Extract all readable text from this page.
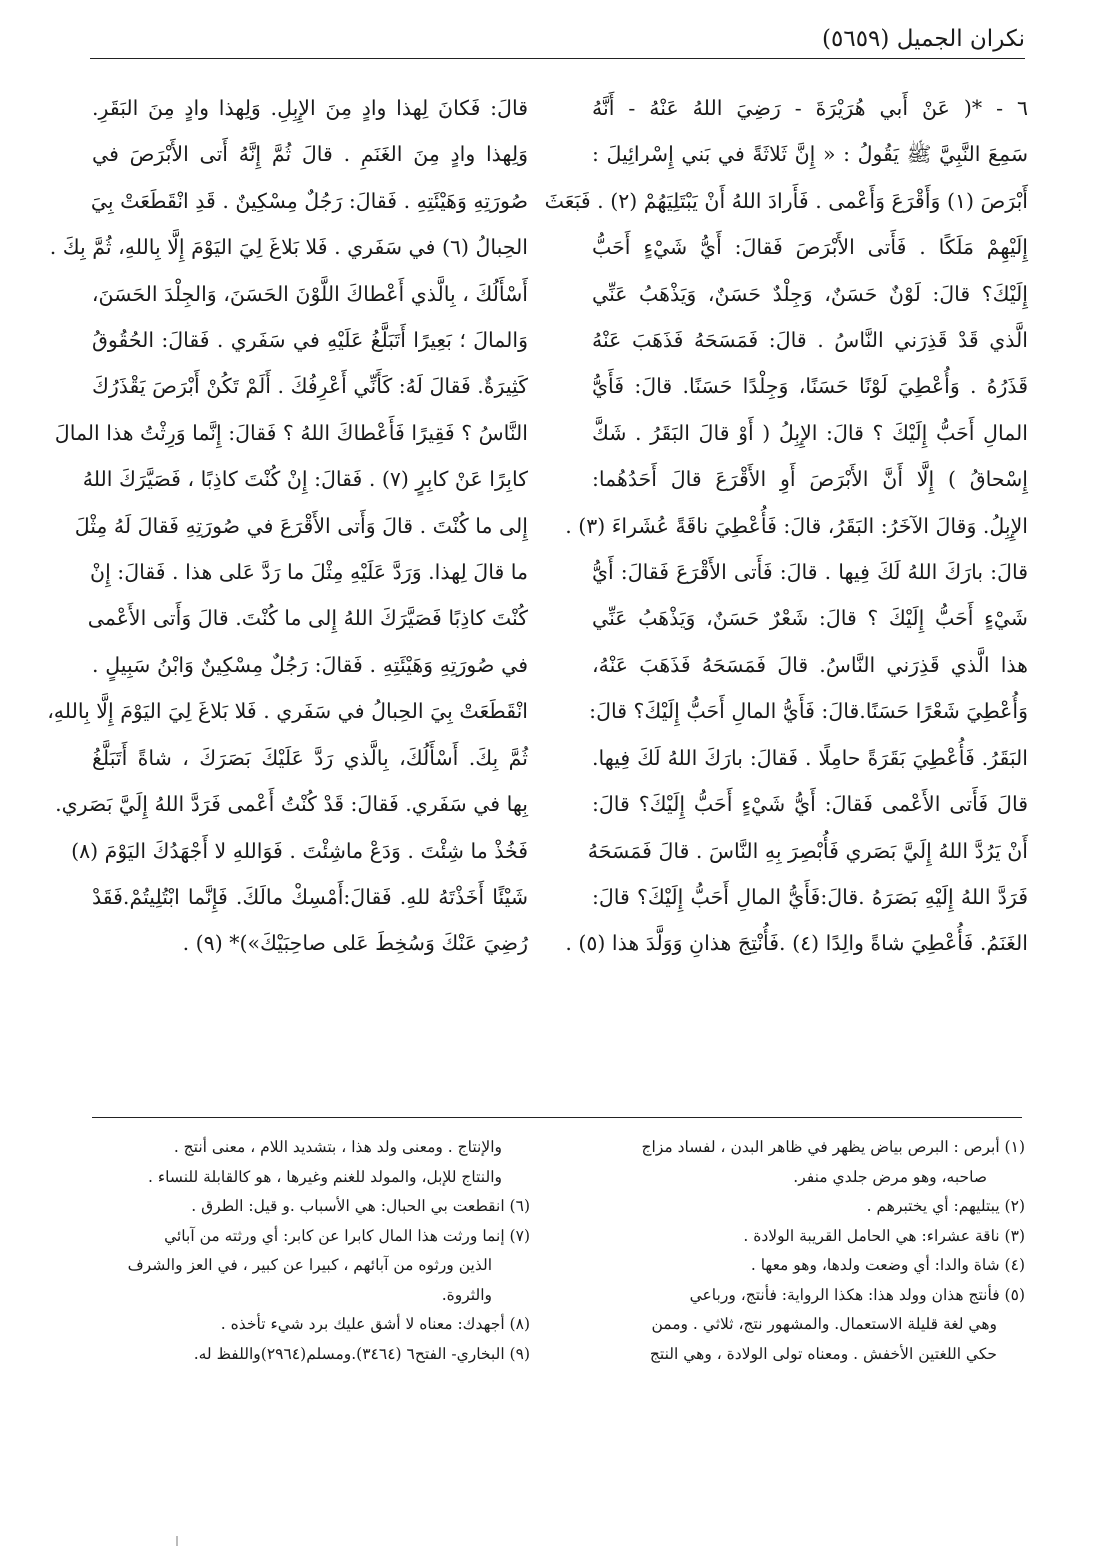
نكران الجميل (٥٦٥٩)
٦ - *( عَنْ أَبي هُرَيْرَةَ - رَضِيَ اللهُ عَنْهُ - أَنَّهُ
سَمِعَ النَّبِيَّ ﷺ يَقُولُ : « إِنَّ ثَلاثَةً في بَني إِسْرائِيلَ :
أَبْرَصَ (١) وَأَقْرَعَ وَأَعْمى . فَأَرادَ اللهُ أَنْ يَبْتَلِيَهُمْ (٢) . فَبَعَثَ
إِلَيْهِمْ مَلَكًا . فَأَتى الأَبْرَصَ فَقالَ: أَيُّ شَيْءٍ أَحَبُّ
إِلَيْكَ؟ قالَ: لَوْنٌ حَسَنٌ، وَجِلْدٌ حَسَنٌ، وَيَذْهَبُ عَنِّي
الَّذي قَدْ قَذِرَني النَّاسُ . قالَ: فَمَسَحَهُ فَذَهَبَ عَنْهُ
قَذَرُهُ . وَأُعْطِيَ لَوْنًا حَسَنًا، وَجِلْدًا حَسَنًا. قالَ: فَأَيُّ
المالِ أَحَبُّ إِلَيْكَ ؟ قالَ: الإِبِلُ ( أَوْ قالَ البَقَرُ . شَكَّ
إِسْحاقُ ) إِلَّا أَنَّ الأَبْرَصَ أَوِ الأَقْرَعَ قالَ أَحَدُهُما:
الإِبِلُ. وَقالَ الآخَرُ: البَقَرُ، قالَ: فَأُعْطِيَ ناقَةً عُشَراءَ (٣) .
قالَ: بارَكَ اللهُ لَكَ فِيها . قالَ: فَأَتى الأَقْرَعَ فَقالَ: أَيُّ
شَيْءٍ أَحَبُّ إِلَيْكَ ؟ قالَ: شَعْرٌ حَسَنٌ، وَيَذْهَبُ عَنِّي
هذا الَّذي قَذِرَني النَّاسُ. قالَ فَمَسَحَهُ فَذَهَبَ عَنْهُ،
وَأُعْطِيَ شَعْرًا حَسَنًا.قالَ: فَأَيُّ المالِ أَحَبُّ إِلَيْكَ؟ قالَ:
البَقَرُ. فَأُعْطِيَ بَقَرَةً حامِلًا . فَقالَ: بارَكَ اللهُ لَكَ فِيها.
قالَ فَأَتى الأَعْمى فَقالَ: أَيُّ شَيْءٍ أَحَبُّ إِلَيْكَ؟ قالَ:
أَنْ يَرُدَّ اللهُ إِلَيَّ بَصَري فَأُبْصِرَ بِهِ النَّاسَ . قالَ فَمَسَحَهُ
فَرَدَّ اللهُ إِلَيْهِ بَصَرَهُ .قالَ:فَأَيُّ المالِ أَحَبُّ إِلَيْكَ؟ قالَ:
الغَنَمُ. فَأُعْطِيَ شاةً والِدًا (٤) .فَأُنْتِجَ هذانِ وَوَلَّدَ هذا (٥) .
قالَ: فَكانَ لِهذا وادٍ مِنَ الإِبِلِ. وَلِهذا وادٍ مِنَ البَقَرِ.
وَلِهذا وادٍ مِنَ الغَنَمِ . قالَ ثُمَّ إِنَّهُ أَتى الأَبْرَصَ في
صُورَتِهِ وَهَيْئَتِهِ . فَقالَ: رَجُلٌ مِسْكِينٌ . قَدِ انْقَطَعَتْ بِيَ
الحِبالُ (٦) في سَفَري . فَلا بَلاغَ لِيَ اليَوْمَ إِلَّا بِاللهِ، ثُمَّ بِكَ .
أَسْأَلُكَ ، بِالَّذي أَعْطاكَ اللَّوْنَ الحَسَنَ، وَالجِلْدَ الحَسَنَ،
وَالمالَ ؛ بَعِيرًا أَتَبَلَّغُ عَلَيْهِ في سَفَري . فَقالَ: الحُقُوقُ
كَثِيرَةٌ. فَقالَ لَهُ: كَأَنِّي أَعْرِفُكَ . أَلَمْ تَكُنْ أَبْرَصَ يَقْذَرُكَ
النَّاسُ ؟ فَقِيرًا فَأَعْطاكَ اللهُ ؟ فَقالَ: إِنَّما وَرِثْتُ هذا المالَ
كابِرًا عَنْ كابِرٍ (٧) . فَقالَ: إِنْ كُنْتَ كاذِبًا ، فَصَيَّرَكَ اللهُ
إِلى ما كُنْتَ . قالَ وَأَتى الأَقْرَعَ في صُورَتِهِ فَقالَ لَهُ مِثْلَ
ما قالَ لِهذا. وَرَدَّ عَلَيْهِ مِثْلَ ما رَدَّ عَلى هذا . فَقالَ: إِنْ
كُنْتَ كاذِبًا فَصَيَّرَكَ اللهُ إِلى ما كُنْتَ. قالَ وَأَتى الأَعْمى
في صُورَتِهِ وَهَيْئَتِهِ . فَقالَ: رَجُلٌ مِسْكِينٌ وَابْنُ سَبِيلٍ .
انْقَطَعَتْ بِيَ الحِبالُ في سَفَري . فَلا بَلاغَ لِيَ اليَوْمَ إِلَّا بِاللهِ،
ثُمَّ بِكَ. أَسْأَلُكَ، بِالَّذي رَدَّ عَلَيْكَ بَصَرَكَ ، شاةً أَتَبَلَّغُ
بِها في سَفَري. فَقالَ: قَدْ كُنْتُ أَعْمى فَرَدَّ اللهُ إِلَيَّ بَصَري.
فَخُذْ ما شِئْتَ . وَدَعْ ماشِئْتَ . فَوَاللهِ لا أَجْهَدُكَ اليَوْمَ (٨)
شَيْئًا أَخَذْتَهُ للهِ. فَقالَ:أَمْسِكْ مالَكَ. فَإِنَّما ابْتُلِيتُمْ.فَقَدْ
رُضِيَ عَنْكَ وَسُخِطَ عَلى صاحِبَيْكَ»)* (٩) .
(١) أبرص : البرص بياض يظهر في ظاهر البدن ، لفساد مزاج
صاحبه، وهو مرض جلدي منفر.
(٢) يبتليهم: أي يختبرهم .
(٣) ناقة عشراء: هي الحامل القريبة الولادة .
(٤) شاة والدا: أي وضعت ولدها، وهو معها .
(٥) فأنتج هذان وولد هذا: هكذا الرواية: فأنتج، ورباعي
وهي لغة قليلة الاستعمال. والمشهور نتج، ثلاثي . وممن
حكي اللغتين الأخفش . ومعناه تولى الولادة ، وهي النتج
والإنتاج . ومعنى ولد هذا ، بتشديد اللام ، معنى أنتج .
والنتاج للإبل، والمولد للغنم وغيرها ، هو كالقابلة للنساء .
(٦) انقطعت بي الحبال: هي الأسباب .و قيل: الطرق .
(٧) إنما ورثت هذا المال كابرا عن كابر: أي ورثته من آبائي
الذين ورثوه من آبائهم ، كبيرا عن كبير ، في العز والشرف
والثروة.
(٨) أجهدك: معناه لا أشق عليك برد شيء تأخذه .
(٩) البخاري- الفتح٦ (٣٤٦٤).ومسلم(٢٩٦٤)واللفظ له.
